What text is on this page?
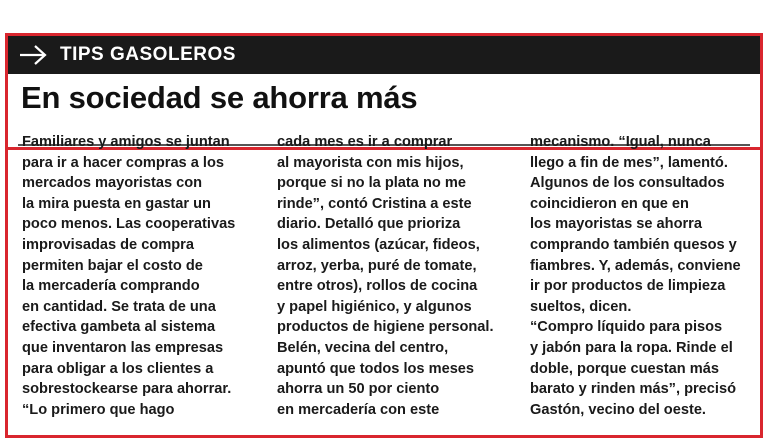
TIPS GASOLEROS
En sociedad se ahorra más
Familiares y amigos se juntan
para ir a hacer compras a los
mercados mayoristas con
la mira puesta en gastar un
poco menos. Las cooperativas
improvisadas de compra
permiten bajar el costo de
la mercadería comprando
en cantidad. Se trata de una
efectiva gambeta al sistema
que inventaron las empresas
para obligar a los clientes a
sobrestockearse para ahorrar.
“Lo primero que hago
cada mes es ir a comprar
al mayorista con mis hijos,
porque si no la plata no me
rinde”, contó Cristina a este
diario. Detalló que prioriza
los alimentos (azúcar, fideos,
arroz, yerba, puré de tomate,
entre otros), rollos de cocina
y papel higiénico, y algunos
productos de higiene personal.
Belén, vecina del centro,
apuntó que todos los meses
ahorra un 50 por ciento
en mercadería con este
mecanismo. “Igual, nunca
llego a fin de mes”, lamentó.
Algunos de los consultados
coincidieron en que en
los mayoristas se ahorra
comprando también quesos y
fiambres. Y, además, conviene
ir por productos de limpieza
sueltos, dicen.
“Compro líquido para pisos
y jabón para la ropa. Rinde el
doble, porque cuestan más
barato y rinden más”, precisó
Gastón, vecino del oeste.
